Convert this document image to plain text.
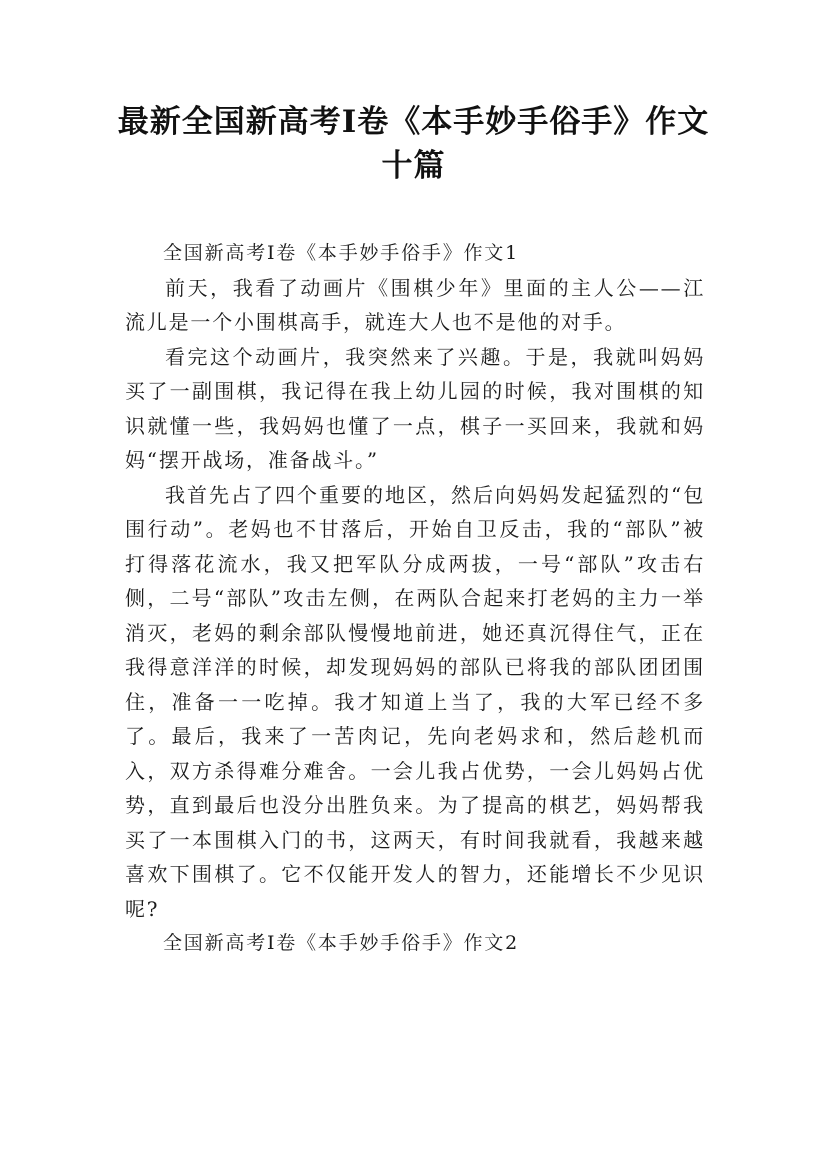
最新全国新高考Ⅰ卷《本手妙手俗手》作文十篇

全国新高考Ⅰ卷《本手妙手俗手》作文1

前天，我看了动画片《围棋少年》里面的主人公——江流儿是一个小围棋高手，就连大人也不是他的对手。

看完这个动画片，我突然来了兴趣。于是，我就叫妈妈买了一副围棋，我记得在我上幼儿园的时候，我对围棋的知识就懂一些，我妈妈也懂了一点，棋子一买回来，我就和妈妈“摆开战场，准备战斗。”

我首先占了四个重要的地区，然后向妈妈发起猛烈的“包围行动”。老妈也不甘落后，开始自卫反击，我的“部队”被打得落花流水，我又把军队分成两拔，一号“部队”攻击右侧，二号“部队”攻击左侧，在两队合起来打老妈的主力一举消灭，老妈的剩余部队慢慢地前进，她还真沉得住气，正在我得意洋洋的时候，却发现妈妈的部队已将我的部队团团围住，准备一一吃掉。我才知道上当了，我的大军已经不多了。最后，我来了一苦肉记，先向老妈求和，然后趁机而入，双方杀得难分难舍。一会儿我占优势，一会儿妈妈占优势，直到最后也没分出胜负来。为了提高的棋艺，妈妈帮我买了一本围棋入门的书，这两天，有时间我就看，我越来越喜欢下围棋了。它不仅能开发人的智力，还能增长不少见识呢?

全国新高考Ⅰ卷《本手妙手俗手》作文2
